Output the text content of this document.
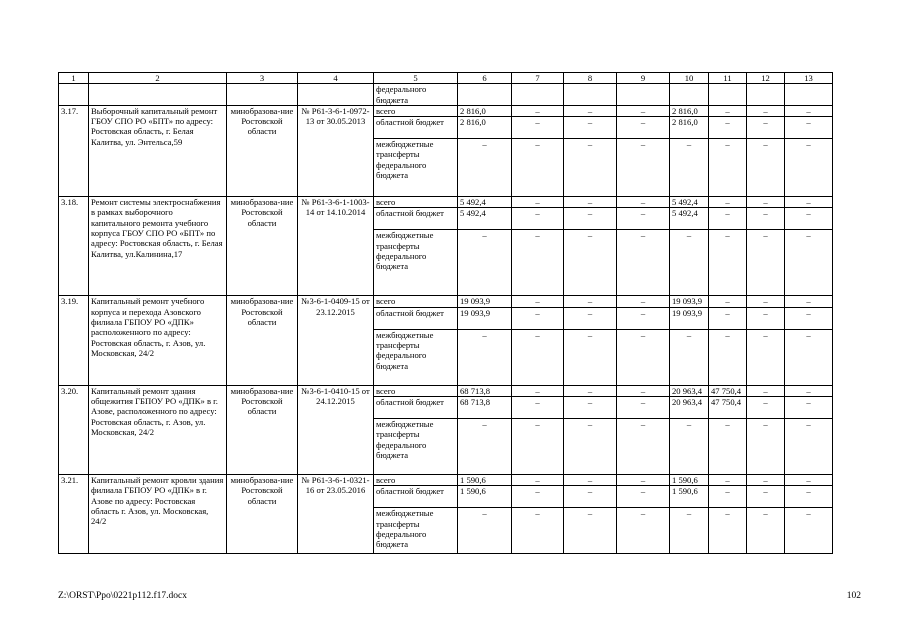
1	2	3	4	5	6	7	8	9	10	11	12	13
				федерального бюджета								
3.17.	Выборочный капитальный ремонт ГБОУ СПО РО «БПТ» по адресу: Ростовская область, г. Белая Калитва, ул. Энтельса,59	минобразова-ние Ростовской области	№ Р61-3-6-1-0972-13 от 30.05.2013	всего	2 816,0	–	–	–	2 816,0	–	–	–
				областной бюджет	2 816,0	–	–	–	2 816,0	–	–	–
				межбюджетные трансферты федерального бюджета	–	–	–	–	–	–	–	–
3.18.	Ремонт системы электроснабжения в рамках выборочного капитального ремонта учебного корпуса ГБОУ СПО РО «БПТ» по адресу: Ростовская область, г. Белая Калитва, ул.Калинина,17	минобразова-ние Ростовской области	№ Р61-3-6-1-1003-14 от 14.10.2014	всего	5 492,4	–	–	–	5 492,4	–	–	–
				областной бюджет	5 492,4	–	–	–	5 492,4	–	–	–
				межбюджетные трансферты федерального бюджета	–	–	–	–	–	–	–	–
3.19.	Капитальный ремонт учебного корпуса и перехода Азовского филиала ГБПОУ РО «ДПК» расположенного по адресу: Ростовская область, г. Азов, ул. Московская, 24/2	минобразова-ние Ростовской области	№3-6-1-0409-15 от 23.12.2015	всего	19 093,9	–	–	–	19 093,9	–	–	–
				областной бюджет	19 093,9	–	–	–	19 093,9	–	–	–
				межбюджетные трансферты федерального бюджета	–	–	–	–	–	–	–	–
3.20.	Капитальный ремонт здания общежития ГБПОУ РО «ДПК» в г. Азове, расположенного по адресу: Ростовская область, г. Азов, ул. Московская, 24/2	минобразова-ние Ростовской области	№3-6-1-0410-15 от 24.12.2015	всего	68 713,8	–	–	–	20 963,4	47 750,4	–	–
				областной бюджет	68 713,8	–	–	–	20 963,4	47 750,4	–	–
				межбюджетные трансферты федерального бюджета	–	–	–	–	–	–	–	–
3.21.	Капитальный ремонт кровли здания филиала ГБПОУ РО «ДПК» в г. Азове по адресу: Ростовская область г. Азов, ул. Московская, 24/2	минобразова-ние Ростовской области	№ Р61-3-6-1-0321-16 от 23.05.2016	всего	1 590,6	–	–	–	1 590,6	–	–	–
				областной бюджет	1 590,6	–	–	–	1 590,6	–	–	–
				межбюджетные трансферты федерального бюджета	–	–	–	–	–	–	–	–
Z:\ORST\Ppo\0221p112.f17.docx	102
